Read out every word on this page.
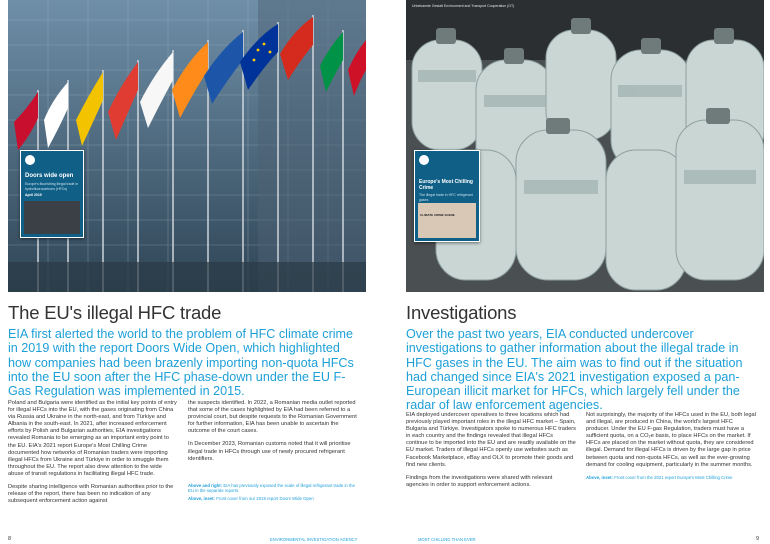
Doors wide open
Europe's flourishing illegal trade in hydrofluorocarbons (HFCs)
April 2019
The EU's illegal HFC trade

EIA first alerted the world to the problem of HFC climate crime in 2019 with the report Doors Wide Open, which highlighted how companies had been brazenly importing non-quota HFCs into the EU soon after the HFC phase-down under the EU F-Gas Regulation was implemented in 2015.

Poland and Bulgaria were identified as the initial key points of entry for illegal HFCs into the EU, with the gases originating from China via Russia and Ukraine in the north-east, and from Türkiye and Albania in the south-east. In 2021, after increased enforcement efforts by Polish and Bulgarian authorities, EIA investigations revealed Romania to be emerging as an important entry point to the EU. EIA's 2021 report Europe's Most Chilling Crime documented how networks of Romanian traders were importing illegal HFCs from Ukraine and Türkiye in order to smuggle them throughout the EU. The report also drew attention to the wide abuse of transit regulations in facilitating illegal HFC trade.

Despite sharing intelligence with Romanian authorities prior to the release of the report, there has been no indication of any subsequent enforcement action against

the suspects identified. In 2022, a Romanian media outlet reported that some of the cases highlighted by EIA had been referred to a provincial court, but despite requests to the Romanian Government for further information, EIA has been unable to ascertain the outcome of the court cases.

In December 2023, Romanian customs noted that it will prioritise illegal trade in HFCs through use of newly procured refrigerant identifiers.

Above and right: EIA has previously exposed the scale of illegal refrigerant trade in the EU in the separate reports.

Above, inset: Front cover from our 2019 report Doors Wide Open

8	ENVIRONMENTAL INVESTIGATION AGENCY
Unbekannte Gestalt Environment and Transport Cooperation (GT)
Europe's Most Chilling Crime
The illegal trade in HFC refrigerant gases
CLIMATE CRIME SCENE
Investigations

Over the past two years, EIA conducted undercover investigations to gather information about the illegal trade in HFC gases in the EU. The aim was to find out if the situation had changed since EIA's 2021 investigation exposed a pan-European illicit market for HFCs, which largely fell under the radar of law enforcement agencies.

EIA deployed undercover operatives to three locations which had previously played important roles in the illegal HFC market – Spain, Bulgaria and Türkiye. Investigators spoke to numerous HFC traders in each country and the findings revealed that illegal HFCs continue to be imported into the EU and are readily available on the EU market. Traders of illegal HFCs openly use websites such as Facebook Marketplace, eBay and OLX to promote their goods and find new clients.

Findings from the investigations were shared with relevant agencies in order to support enforcement actions.

Not surprisingly, the majority of the HFCs used in the EU, both legal and illegal, are produced in China, the world's largest HFC producer. Under the EU F-gas Regulation, traders must have a sufficient quota, on a CO₂e basis, to place HFCs on the market. If HFCs are placed on the market without quota, they are considered illegal. Demand for illegal HFCs is driven by the large gap in price between quota and non-quota HFCs, as well as the ever-growing demand for cooling equipment, particularly in the summer months.

Above, inset: Front cover from the 2021 report Europe's Most Chilling Crime

MOST CHILLING THAN EVER	9
